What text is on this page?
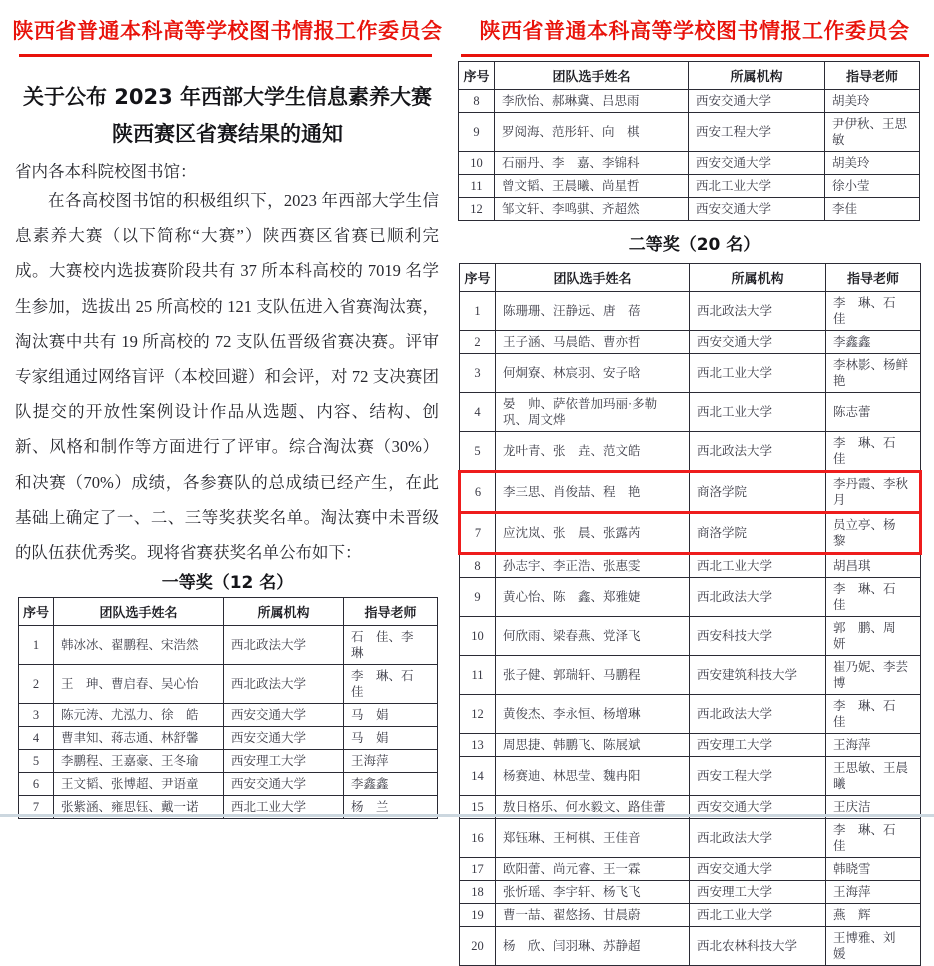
陕西省普通本科高等学校图书情报工作委员会
关于公布 2023 年西部大学生信息素养大赛
陕西赛区省赛结果的通知
省内各本科院校图书馆：
在各高校图书馆的积极组织下，2023 年西部大学生信息素养大赛（以下简称“大赛”）陕西赛区省赛已顺利完成。大赛校内选拔赛阶段共有 37 所本科高校的 7019 名学生参加，选拔出 25 所高校的 121 支队伍进入省赛淘汰赛，淘汰赛中共有 19 所高校的 72 支队伍晋级省赛决赛。评审专家组通过网络盲评（本校回避）和会评，对 72 支决赛团队提交的开放性案例设计作品从选题、内容、结构、创新、风格和制作等方面进行了评审。综合淘汰赛（30%）和决赛（70%）成绩，各参赛队的总成绩已经产生，在此基础上确定了一、二、三等奖获奖名单。淘汰赛中未晋级的队伍获优秀奖。现将省赛获奖名单公布如下：
一等奖（12 名）
序号	团队选手姓名	所属机构	指导老师
1	韩冰冰、翟鹏程、宋浩然	西北政法大学	石　佳、李　琳
2	王　珅、曹启春、吴心怡	西北政法大学	李　琳、石　佳
3	陈元涛、尤泓力、徐　皓	西安交通大学	马　娟
4	曹聿知、蒋志通、林舒馨	西安交通大学	马　娟
5	李鹏程、王嘉豪、王冬瑜	西安理工大学	王海萍
6	王文韬、张博超、尹语童	西安交通大学	李鑫鑫
7	张紫涵、雍思钰、戴一诺	西北工业大学	杨　兰
陕西省普通本科高等学校图书情报工作委员会
序号	团队选手姓名	所属机构	指导老师
8	李欣怡、郝琳冀、吕思雨	西安交通大学	胡美玲
9	罗阅海、范彤轩、向　棋	西安工程大学	尹伊秋、王思敏
10	石丽丹、李　嘉、李锦科	西安交通大学	胡美玲
11	曾文韬、王晨曦、尚星哲	西北工业大学	徐小莹
12	邹文轩、李鸣骐、齐超然	西安交通大学	李佳
二等奖（20 名）
序号	团队选手姓名	所属机构	指导老师
1	陈珊珊、汪静远、唐　蓓	西北政法大学	李　琳、石　佳
2	王子涵、马晨皓、曹亦哲	西安交通大学	李鑫鑫
3	何炯寮、林宸羽、安子晗	西北工业大学	李林影、杨鲜艳
4	晏　帅、萨依普加玛丽·多勒巩、周文烨	西北工业大学	陈志蕾
5	龙叶青、张　垚、范文皓	西北政法大学	李　琳、石　佳
6	李三思、肖俊喆、程　艳	商洛学院	李丹霞、李秋月
7	应沈岚、张　晨、张露芮	商洛学院	员立亭、杨　黎
8	孙志宇、李正浩、张惠雯	西北工业大学	胡昌琪
9	黄心怡、陈　鑫、郑雅婕	西北政法大学	李　琳、石　佳
10	何欣雨、梁春燕、党泽飞	西安科技大学	郭　鹏、周　妍
11	张子健、郭瑞轩、马鹏程	西安建筑科技大学	崔乃妮、李芸博
12	黄俊杰、李永恒、杨增琳	西北政法大学	李　琳、石　佳
13	周思捷、韩鹏飞、陈展斌	西安理工大学	王海萍
14	杨赛迪、林思莹、魏冉阳	西安工程大学	王思敏、王晨曦
15	敖日格乐、何水毅文、路佳蕾	西安交通大学	王庆洁
16	郑钰琳、王柯棋、王佳音	西北政法大学	李　琳、石　佳
17	欧阳蕾、尚元睿、王一霖	西安交通大学	韩晓雪
18	张忻瑶、李宇轩、杨飞飞	西安理工大学	王海萍
19	曹一喆、翟悠扬、甘晨蔚	西北工业大学	燕　辉
20	杨　欣、闫羽琳、苏静超	西北农林科技大学	王博雅、刘　媛
